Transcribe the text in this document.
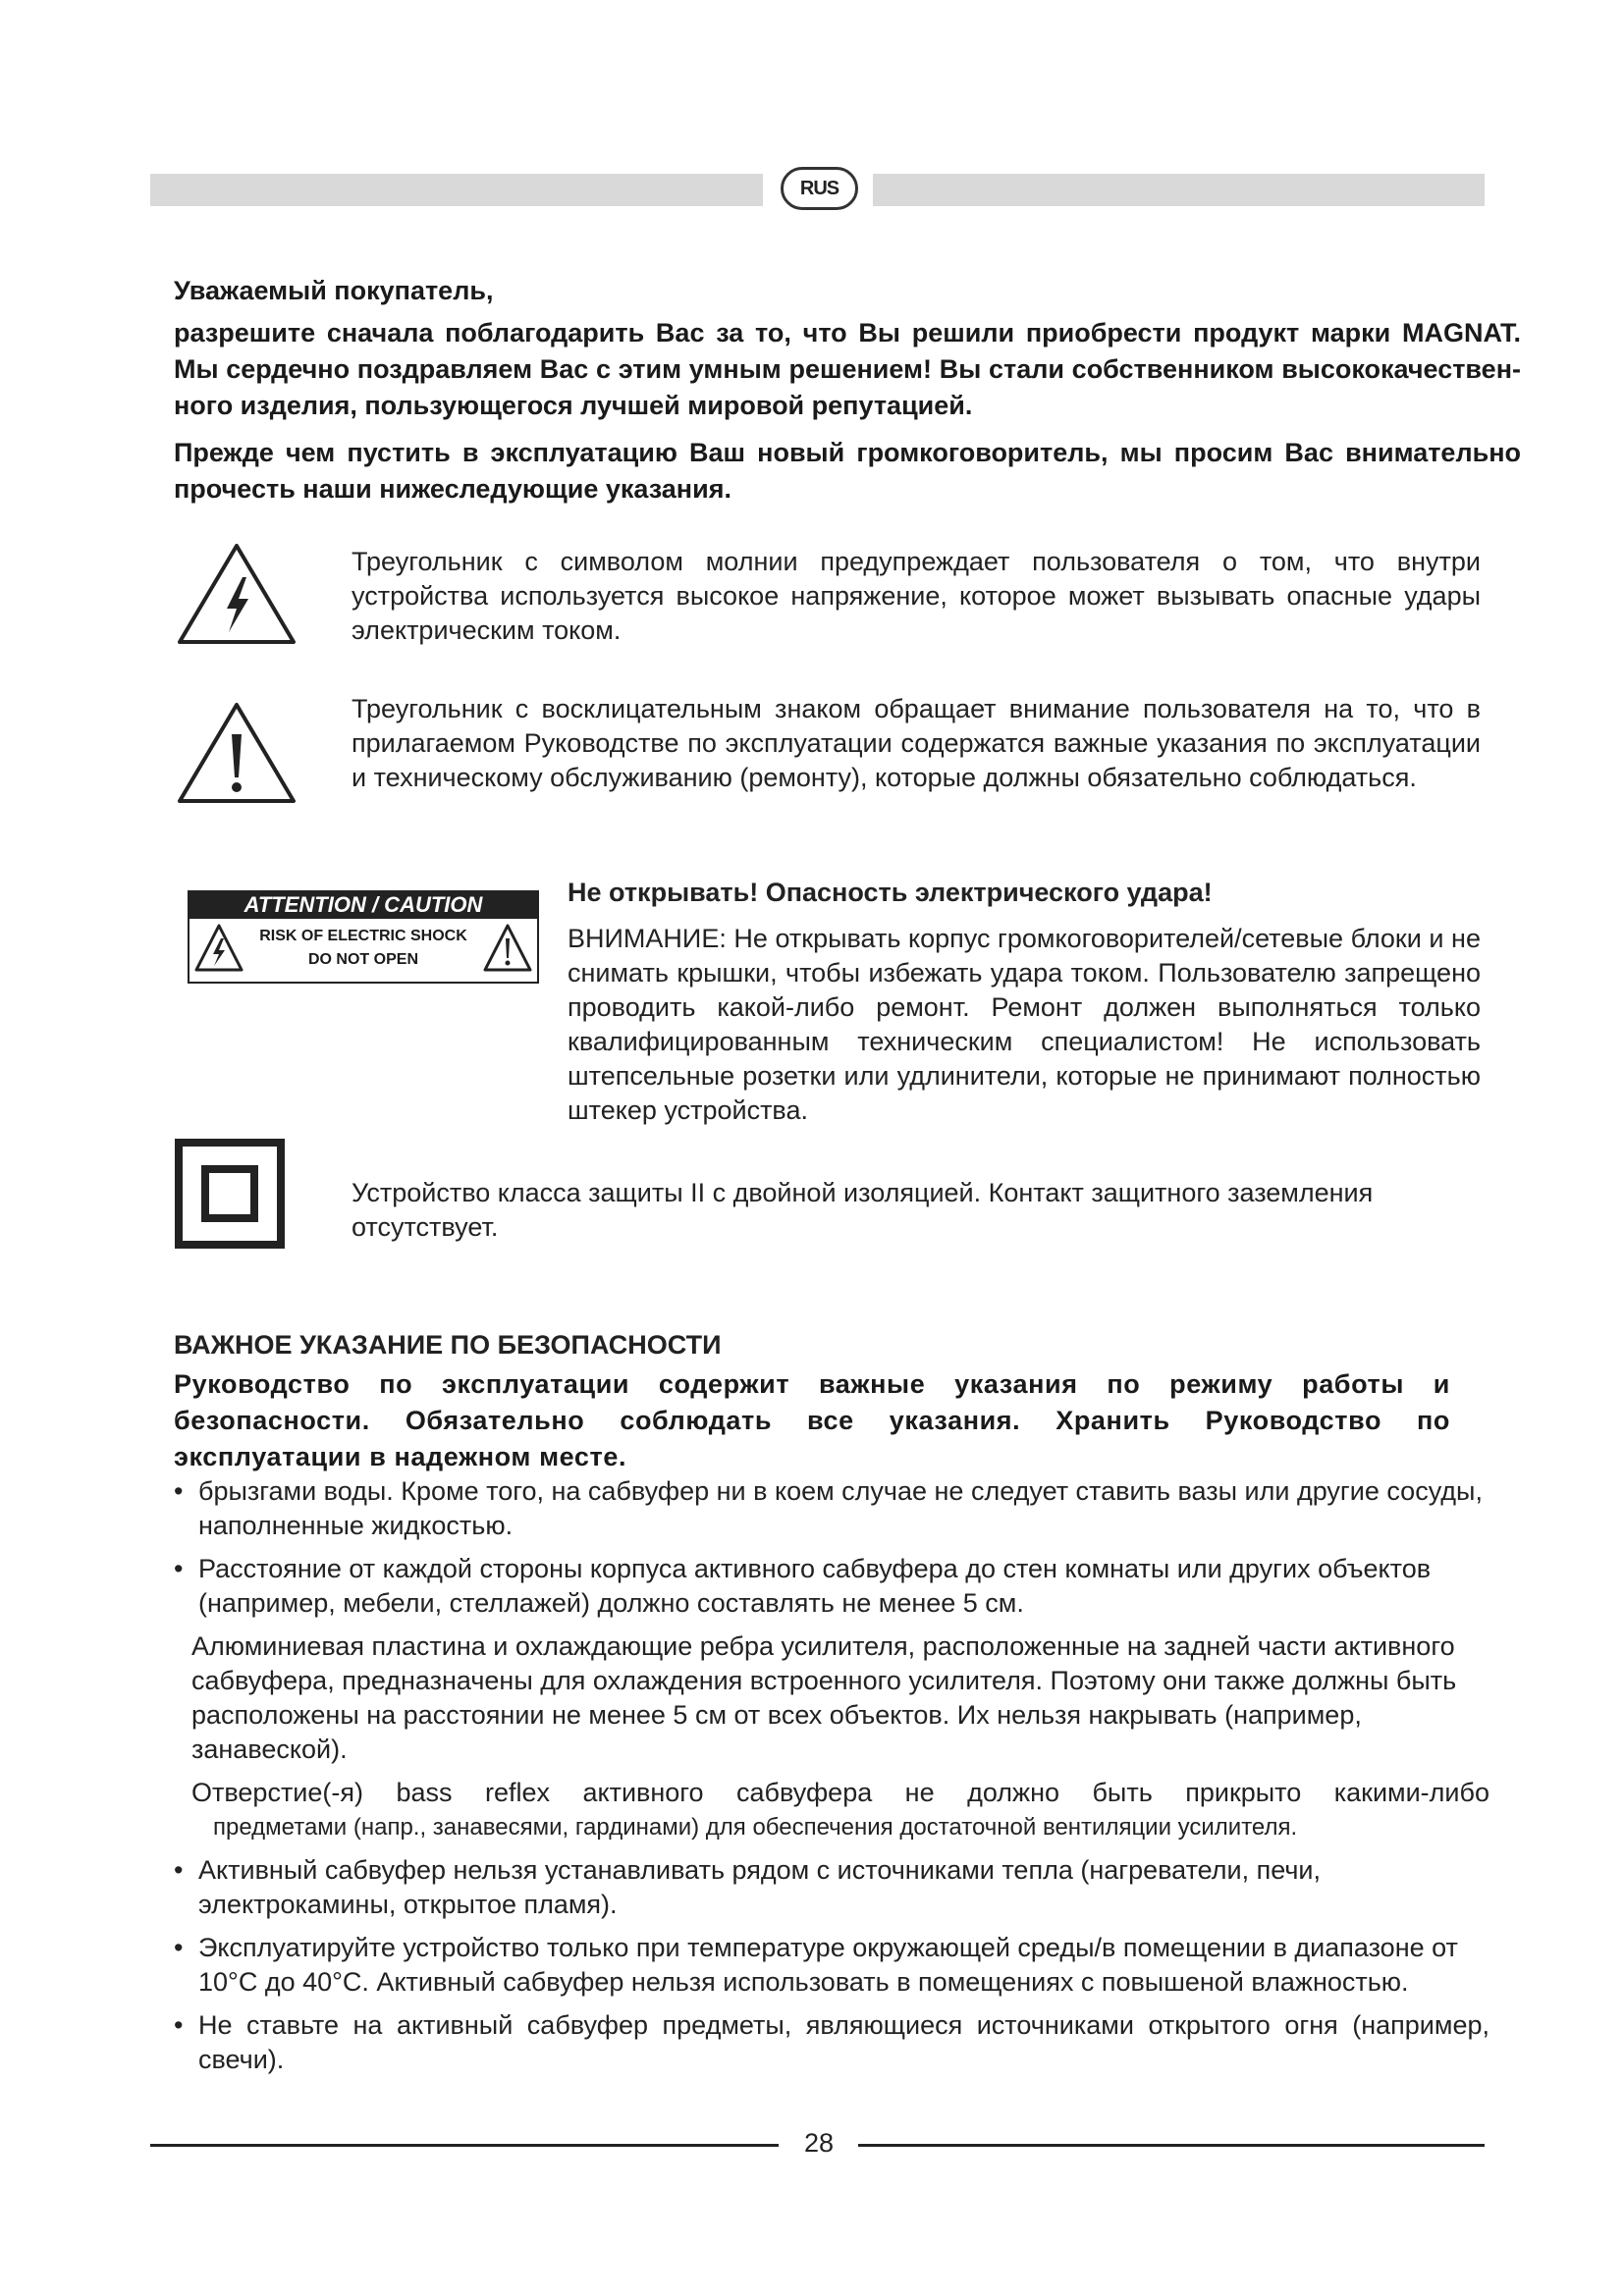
RUS

Уважаемый покупатель,

разрешите сначала поблагодарить Вас за то, что Вы решили приобрести продукт марки MAGNAT. Мы сердечно поздравляем Вас с этим умным решением! Вы стали собственником высококачествен-ного изделия, пользующегося лучшей мировой репутацией.

Прежде чем пустить в эксплуатацию Ваш новый громкоговоритель, мы просим Вас внимательно прочесть наши нижеследующие указания.

Треугольник с символом молнии предупреждает пользователя о том, что внутри устройства используется высокое напряжение, которое может вызывать опасные удары электрическим током.

Треугольник с восклицательным знаком обращает внимание пользователя на то, что в прилагаемом Руководстве по эксплуатации содержатся важные указания по эксплуатации и техническому обслуживанию (ремонту), которые должны обязательно соблюдаться.

ATTENTION / CAUTION
RISK OF ELECTRIC SHOCK
DO NOT OPEN

Не открывать! Опасность электрического удара!

ВНИМАНИЕ: Не открывать корпус громкоговорителей/сетевые блоки и не снимать крышки, чтобы избежать удара током. Пользователю запрещено проводить какой-либо ремонт. Ремонт должен выполняться только квалифицированным техническим специалистом! Не использовать штепсельные розетки или удлинители, которые не принимают полностью штекер устройства.

Устройство класса защиты II с двойной изоляцией. Контакт защитного заземления отсутствует.

ВАЖНОЕ УКАЗАНИЕ ПО БЕЗОПАСНОСТИ

Руководство по эксплуатации содержит важные указания по режиму работы и безопасности. Обязательно соблюдать все указания. Хранить Руководство по эксплуатации в надежном месте.

• брызгами воды. Кроме того, на сабвуфер ни в коем случае не следует ставить вазы или другие сосуды, наполненные жидкостью.
• Расстояние от каждой стороны корпуса активного сабвуфера до стен комнаты или других объектов (например, мебели, стеллажей) должно составлять не менее 5 см.
Алюминиевая пластина и охлаждающие ребра усилителя, расположенные на задней части активного сабвуфера, предназначены для охлаждения встроенного усилителя. Поэтому они также должны быть расположены на расстоянии не менее 5 см от всех объектов. Их нельзя накрывать (например, занавеской).
Отверстие(-я) bass reflex активного сабвуфера не должно быть прикрыто какими-либо
предметами (напр., занавесями, гардинами) для обеспечения достаточной вентиляции усилителя.
• Активный сабвуфер нельзя устанавливать рядом с источниками тепла (нагреватели, печи, электрокамины, открытое пламя).
• Эксплуатируйте устройство только при температуре окружающей среды/в помещении в диапазоне от 10°C до 40°C. Активный сабвуфер нельзя использовать в помещениях с повышеной влажностью.
• Не ставьте на активный сабвуфер предметы, являющиеся источниками открытого огня (например, свечи).
28
